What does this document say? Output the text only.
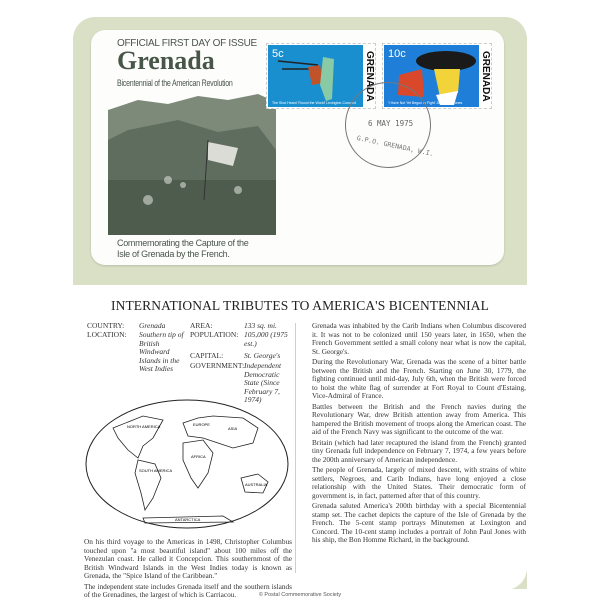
OFFICIAL FIRST DAY OF ISSUE
Grenada
Bicentennial of the American Revolution
Commemorating the Capture of the
Isle of Grenada by the French.
5c
The Shot Heard 'Round the World' Lexington-Concord
GRENADA 10c
'I Have Not Yet Begun to Fight' John Paul Jones
GRENADA
6 MAY 1975
G.P.O. GRENADA, W.I.
INTERNATIONAL TRIBUTES TO AMERICA'S BICENTENNIAL
COUNTRY: Grenada
LOCATION: Southern tip of British Windward Islands in the West Indies
AREA:	133 sq. mi.
POPULATION: 105,000 (1975 est.)
CAPITAL:	St. George's
GOVERNMENT: Independent Democratic State (Since February 7, 1974)
NORTH AMERICA	EUROPE
ASIA
AFRICA
SOUTH AMERICA
AUSTRALIA
ANTARCTICA

On his third voyage to the Americas in 1498, Christopher Columbus touched upon "a most beautiful island" about 100 miles off the Venezulan coast. He called it Concepcion. This southernmost of the British Windward Islands in the West Indies today is known as Grenada, the "Spice Island of the Caribbean."

The independent state includes Grenada itself and the southern islands of the Grenadines, the largest of which is Carriacou.

Grenada was inhabited by the Carib Indians when Columbus discovered it. It was not to be colonized until 150 years later, in 1650, when the French Government settled a small colony near what is now the capital, St. George's.

During the Revolutionary War, Grenada was the scene of a bitter battle between the British and the French. Starting on June 30, 1779, the fighting continued until mid-day, July 6th, when the British were forced to hoist the white flag of surrender at Fort Royal to Count d'Estaing, Vice-Admiral of France.

Battles between the British and the French navies during the Revolutionary War, drew British attention away from America. This hampered the British movement of troops along the American coast. The aid of the French Navy was significant to the outcome of the war.

Britain (which had later recaptured the island from the French) granted tiny Grenada full independence on February 7, 1974, a few years before the 200th anniversary of American independence.

The people of Grenada, largely of mixed descent, with strains of white settlers, Negroes, and Carib Indians, have long enjoyed a close relationship with the United States. Their democratic form of government is, in fact, patterned after that of this country.

Grenada saluted America's 200th birthday with a special Bicentennial stamp set. The cachet depicts the capture of the Isle of Grenada by the French. The 5-cent stamp portrays Minutemen at Lexington and Concord. The 10-cent stamp includes a portrait of John Paul Jones with his ship, the Bon Homme Richard, in the background.

© Postal Commemorative Society
